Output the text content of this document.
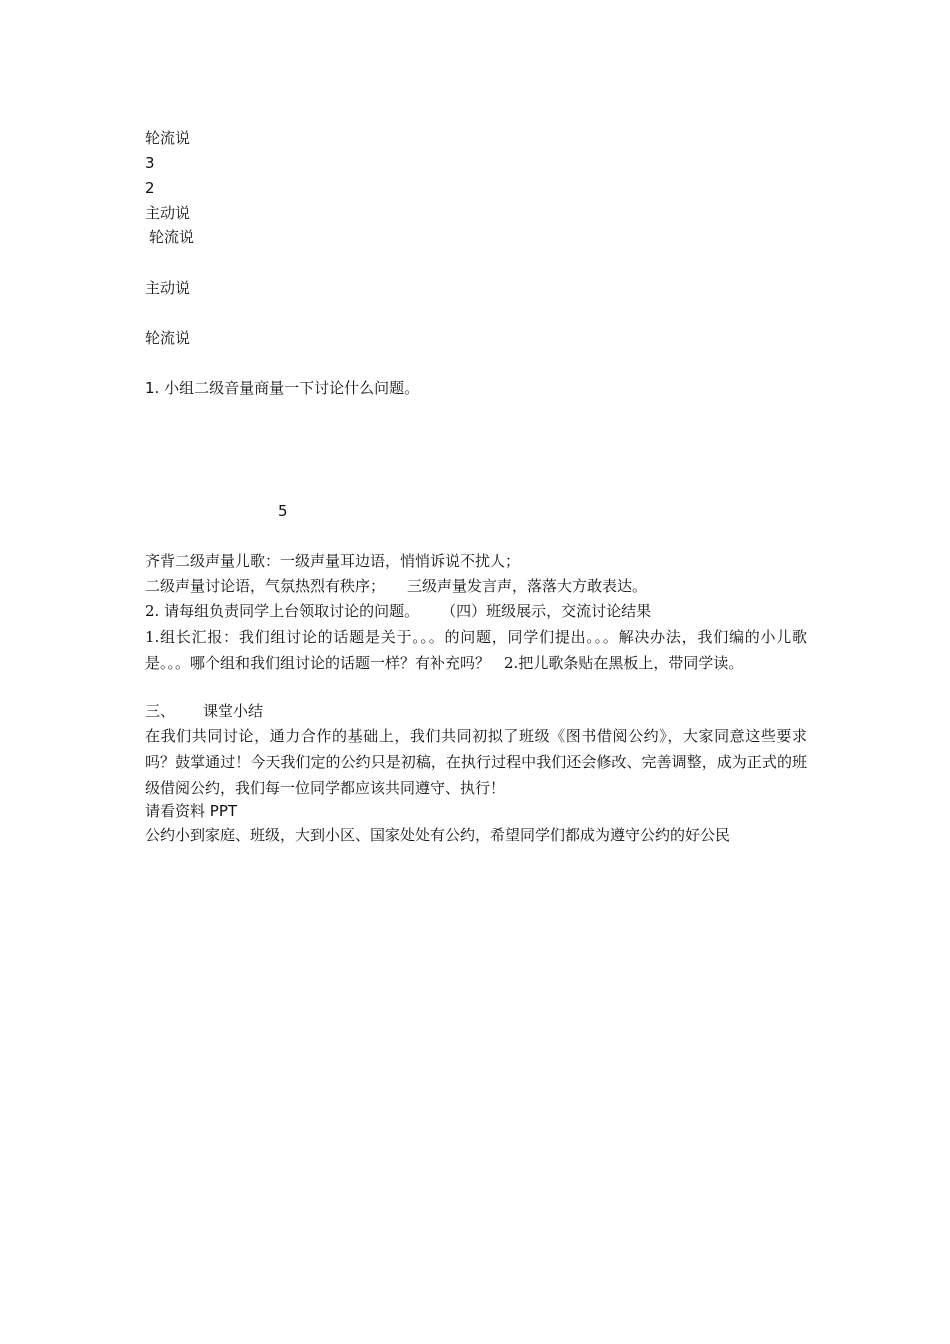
轮流说
3
2
主动说
轮流说
主动说
轮流说
1. 小组二级音量商量一下讨论什么问题。
5
齐背二级声量儿歌：一级声量耳边语，悄悄诉说不扰人；
二级声量讨论语，气氛热烈有秩序； 三级声量发言声，落落大方敢表达。
2. 请每组负责同学上台领取讨论的问题。 （四）班级展示，交流讨论结果
1.组长汇报：我们组讨论的话题是关于。。。的问题，同学们提出。。。解决办法，我们编的小儿歌是。。。哪个组和我们组讨论的话题一样？有补充吗？ 2.把儿歌条贴在黑板上，带同学读。
三、 课堂小结
在我们共同讨论，通力合作的基础上，我们共同初拟了班级《图书借阅公约》，大家同意这些要求吗？鼓掌通过！今天我们定的公约只是初稿，在执行过程中我们还会修改、完善调整，成为正式的班级借阅公约，我们每一位同学都应该共同遵守、执行！
请看资料 PPT
公约小到家庭、班级，大到小区、国家处处有公约，希望同学们都成为遵守公约的好公民
